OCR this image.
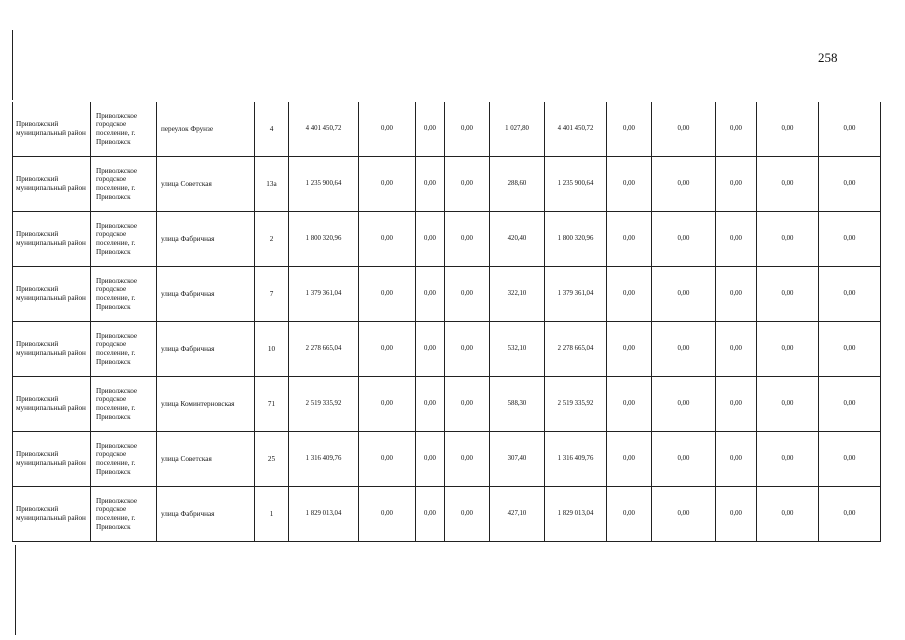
258
Приволжский муниципальный район	Приволжское городское поселение, г. Приволжск	переулок Фрунзе	4	4 401 450,72	0,00	0,00	0,00	1 027,80	4 401 450,72	0,00	0,00	0,00	0,00	0,00
Приволжский муниципальный район	Приволжское городское поселение, г. Приволжск	улица Советская	13а	1 235 900,64	0,00	0,00	0,00	288,60	1 235 900,64	0,00	0,00	0,00	0,00	0,00
Приволжский муниципальный район	Приволжское городское поселение, г. Приволжск	улица Фабричная	2	1 800 320,96	0,00	0,00	0,00	420,40	1 800 320,96	0,00	0,00	0,00	0,00	0,00
Приволжский муниципальный район	Приволжское городское поселение, г. Приволжск	улица Фабричная	7	1 379 361,04	0,00	0,00	0,00	322,10	1 379 361,04	0,00	0,00	0,00	0,00	0,00
Приволжский муниципальный район	Приволжское городское поселение, г. Приволжск	улица Фабричная	10	2 278 665,04	0,00	0,00	0,00	532,10	2 278 665,04	0,00	0,00	0,00	0,00	0,00
Приволжский муниципальный район	Приволжское городское поселение, г. Приволжск	улица Коминтерновская	71	2 519 335,92	0,00	0,00	0,00	588,30	2 519 335,92	0,00	0,00	0,00	0,00	0,00
Приволжский муниципальный район	Приволжское городское поселение, г. Приволжск	улица Советская	25	1 316 409,76	0,00	0,00	0,00	307,40	1 316 409,76	0,00	0,00	0,00	0,00	0,00
Приволжский муниципальный район	Приволжское городское поселение, г. Приволжск	улица Фабричная	1	1 829 013,04	0,00	0,00	0,00	427,10	1 829 013,04	0,00	0,00	0,00	0,00	0,00
